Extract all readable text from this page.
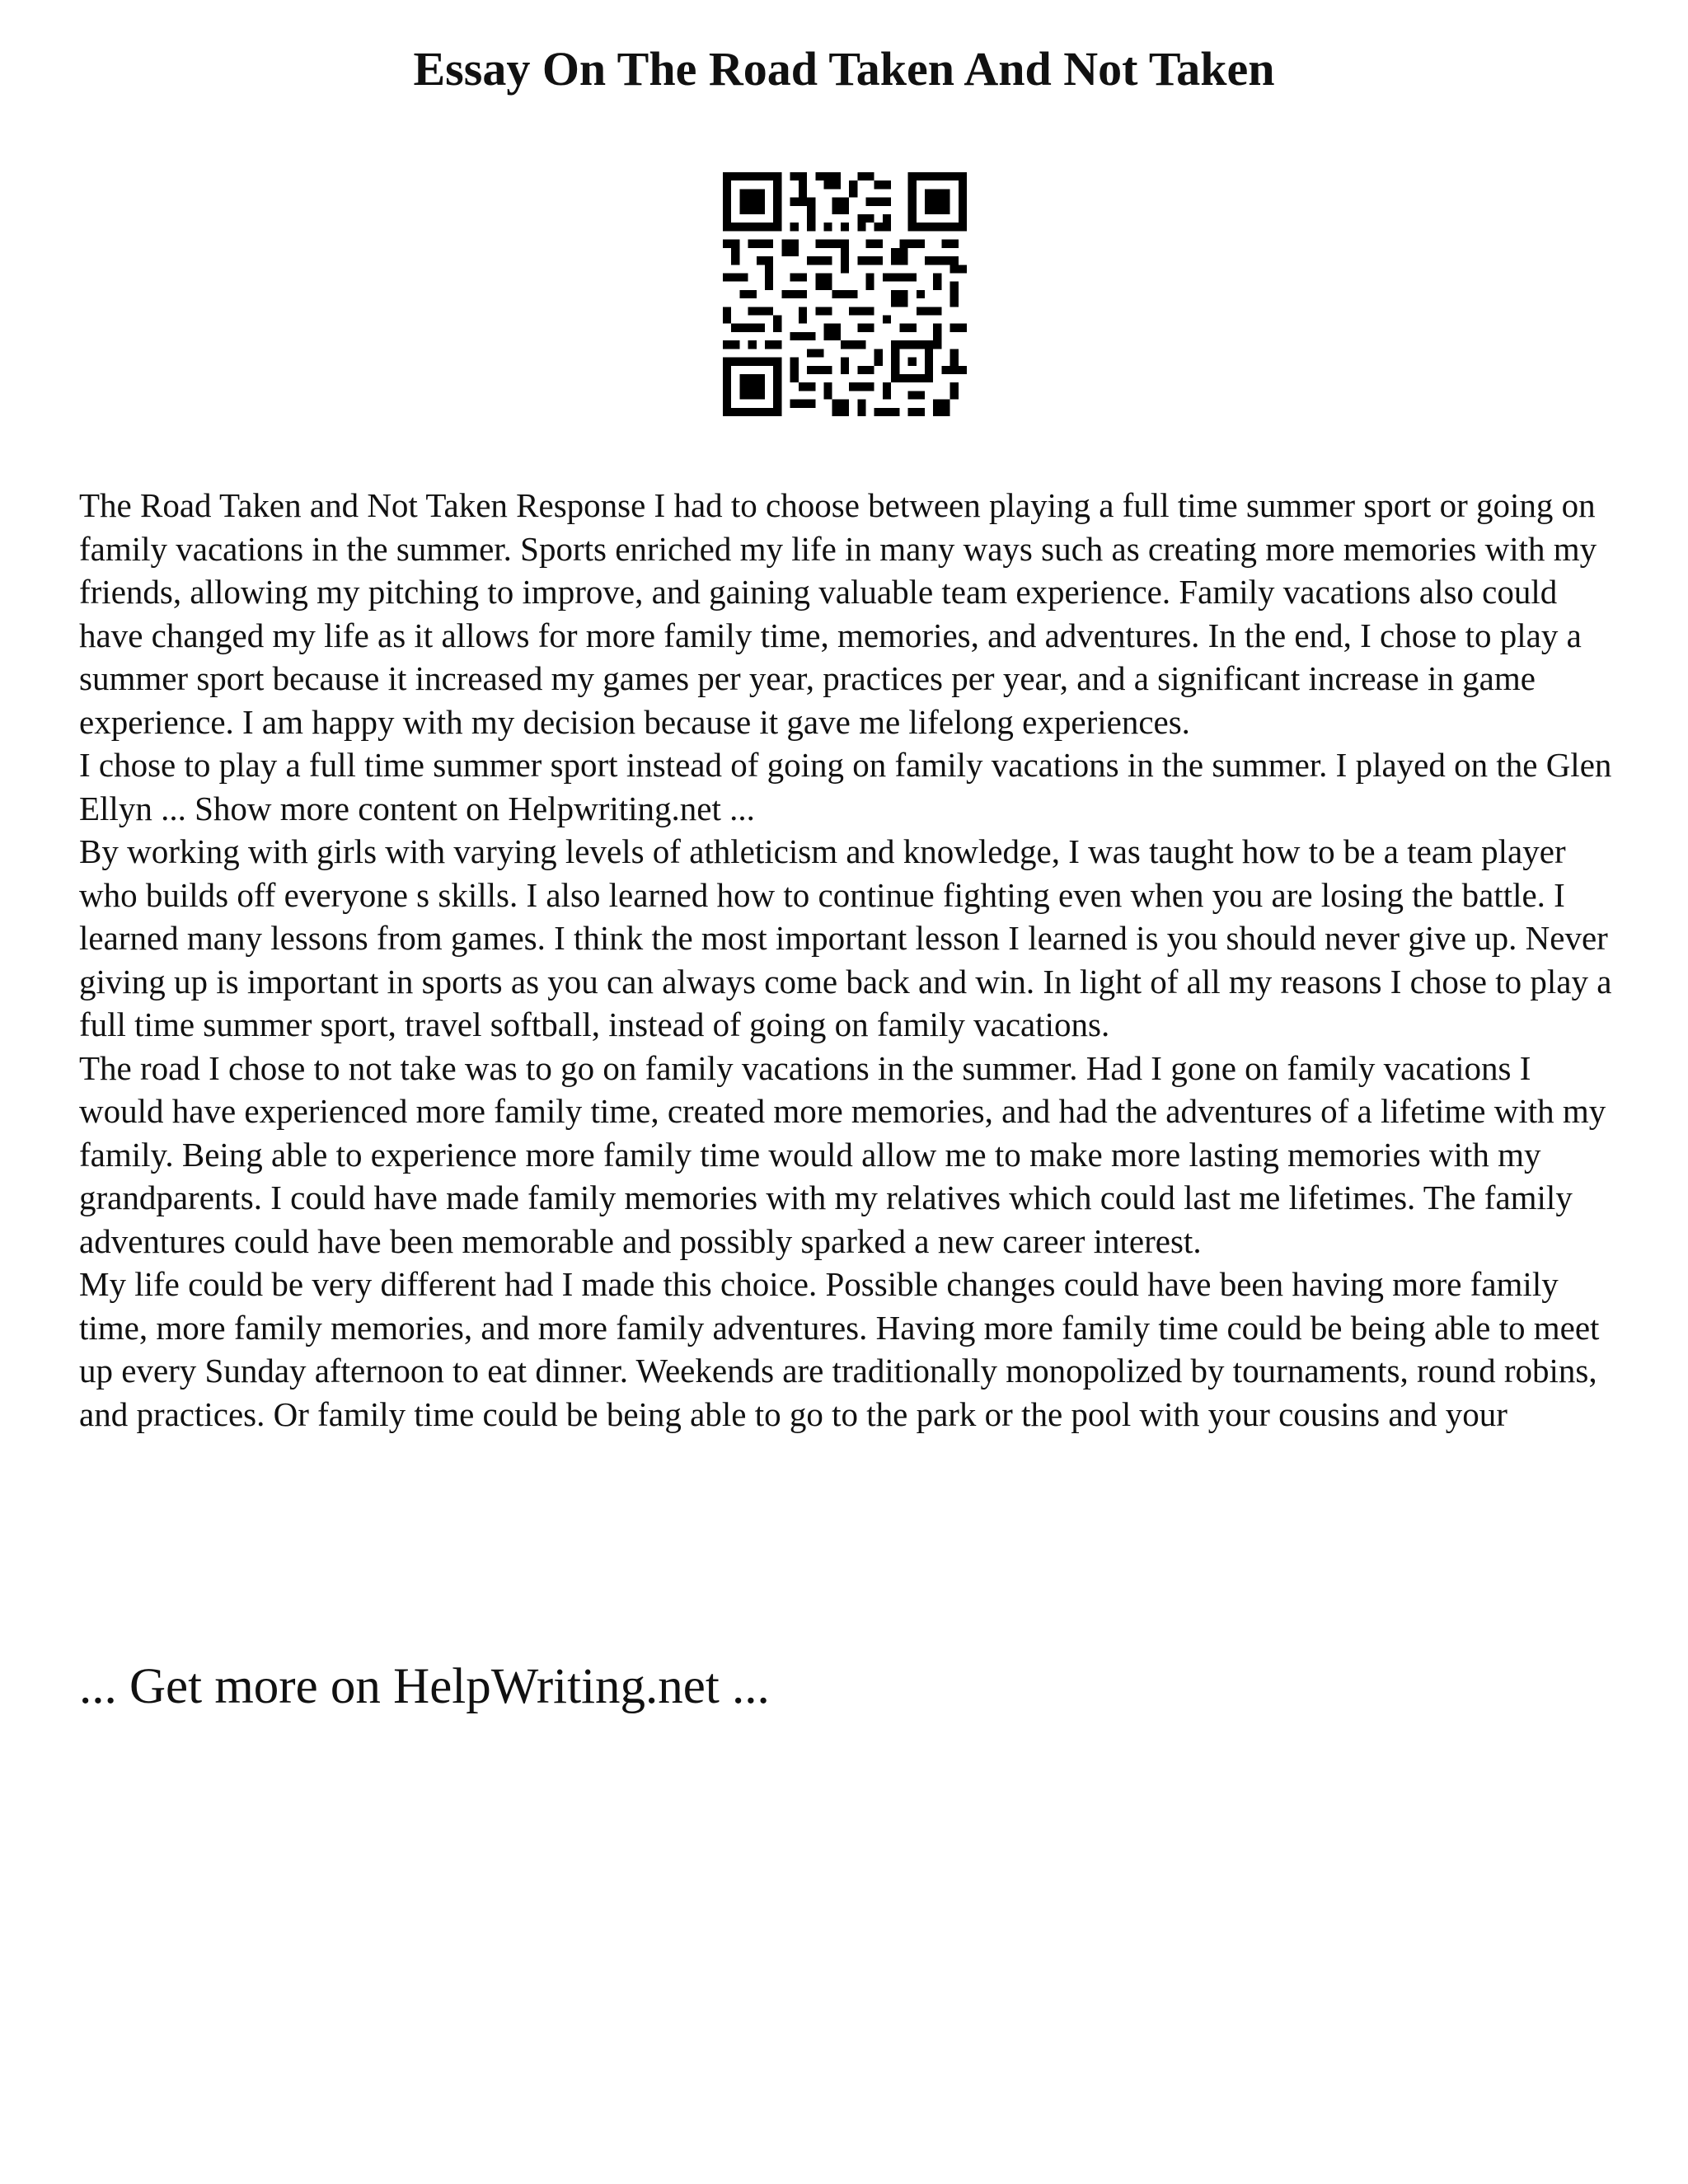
Essay On The Road Taken And Not Taken

The Road Taken and Not Taken Response I had to choose between playing a full time summer sport or going on family vacations in the summer. Sports enriched my life in many ways such as creating more memories with my friends, allowing my pitching to improve, and gaining valuable team experience. Family vacations also could have changed my life as it allows for more family time, memories, and adventures. In the end, I chose to play a summer sport because it increased my games per year, practices per year, and a significant increase in game experience. I am happy with my decision because it gave me lifelong experiences.

I chose to play a full time summer sport instead of going on family vacations in the summer. I played on the Glen Ellyn ... Show more content on Helpwriting.net ...

By working with girls with varying levels of athleticism and knowledge, I was taught how to be a team player who builds off everyone s skills. I also learned how to continue fighting even when you are losing the battle. I learned many lessons from games. I think the most important lesson I learned is you should never give up. Never giving up is important in sports as you can always come back and win. In light of all my reasons I chose to play a full time summer sport, travel softball, instead of going on family vacations.

The road I chose to not take was to go on family vacations in the summer. Had I gone on family vacations I would have experienced more family time, created more memories, and had the adventures of a lifetime with my family. Being able to experience more family time would allow me to make more lasting memories with my grandparents. I could have made family memories with my relatives which could last me lifetimes. The family adventures could have been memorable and possibly sparked a new career interest.

My life could be very different had I made this choice. Possible changes could have been having more family time, more family memories, and more family adventures. Having more family time could be being able to meet up every Sunday afternoon to eat dinner. Weekends are traditionally monopolized by tournaments, round robins, and practices. Or family time could be being able to go to the park or the pool with your cousins and your

... Get more on HelpWriting.net ...
